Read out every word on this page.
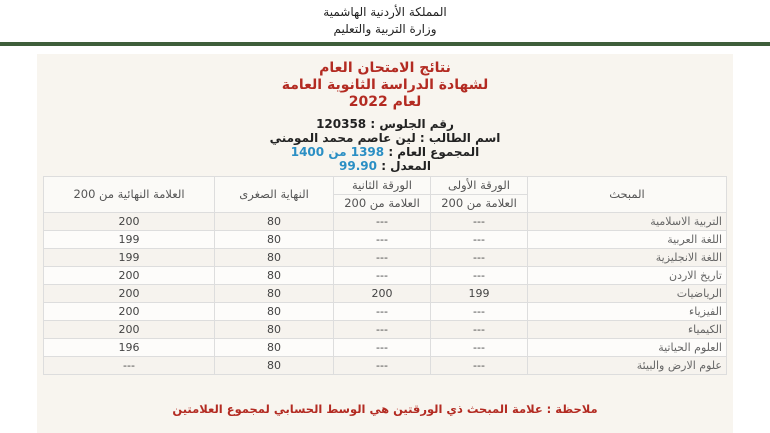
المملكة الأردنية الهاشمية
وزارة التربية والتعليم
نتائج الامتحان العام
لشهادة الدراسة الثانوية العامة
لعام 2022
رقم الجلوس : 120358
اسم الطالب : لين عاصم محمد المومني
المجموع العام : 1398 من 1400
المعدل : 99.90
المبحث	الورقة الأولى	الورقة الثانية	النهاية الصغرى	العلامة النهائية من 200
	العلامة من 200	العلامة من 200		
التربية الاسلامية	---	---	80	200
اللغة العربية	---	---	80	199
اللغة الانجليزية	---	---	80	199
تاريخ الاردن	---	---	80	200
الرياضيات	199	200	80	200
الفيزياء	---	---	80	200
الكيمياء	---	---	80	200
العلوم الحياتية	---	---	80	196
علوم الارض والبيئة	---	---	80	---
ملاحظة : علامة المبحث ذي الورقتين هي الوسط الحسابي لمجموع العلامتين
